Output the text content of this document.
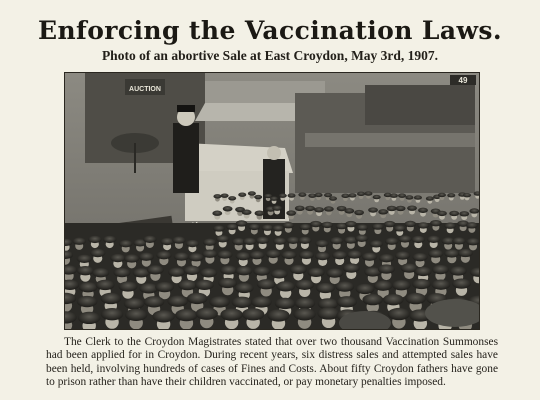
Enforcing the Vaccination Laws.

Photo of an abortive Sale at East Croydon, May 3rd, 1907.

AUCTION
49

The Clerk to the Croydon Magistrates stated that over two thousand Vaccination Summonses had been applied for in Croydon. During recent years, six distress sales and attempted sales have been held, involving hundreds of cases of Fines and Costs. About fifty Croydon fathers have gone to prison rather than have their children vaccinated, or pay monetary penalties imposed.
